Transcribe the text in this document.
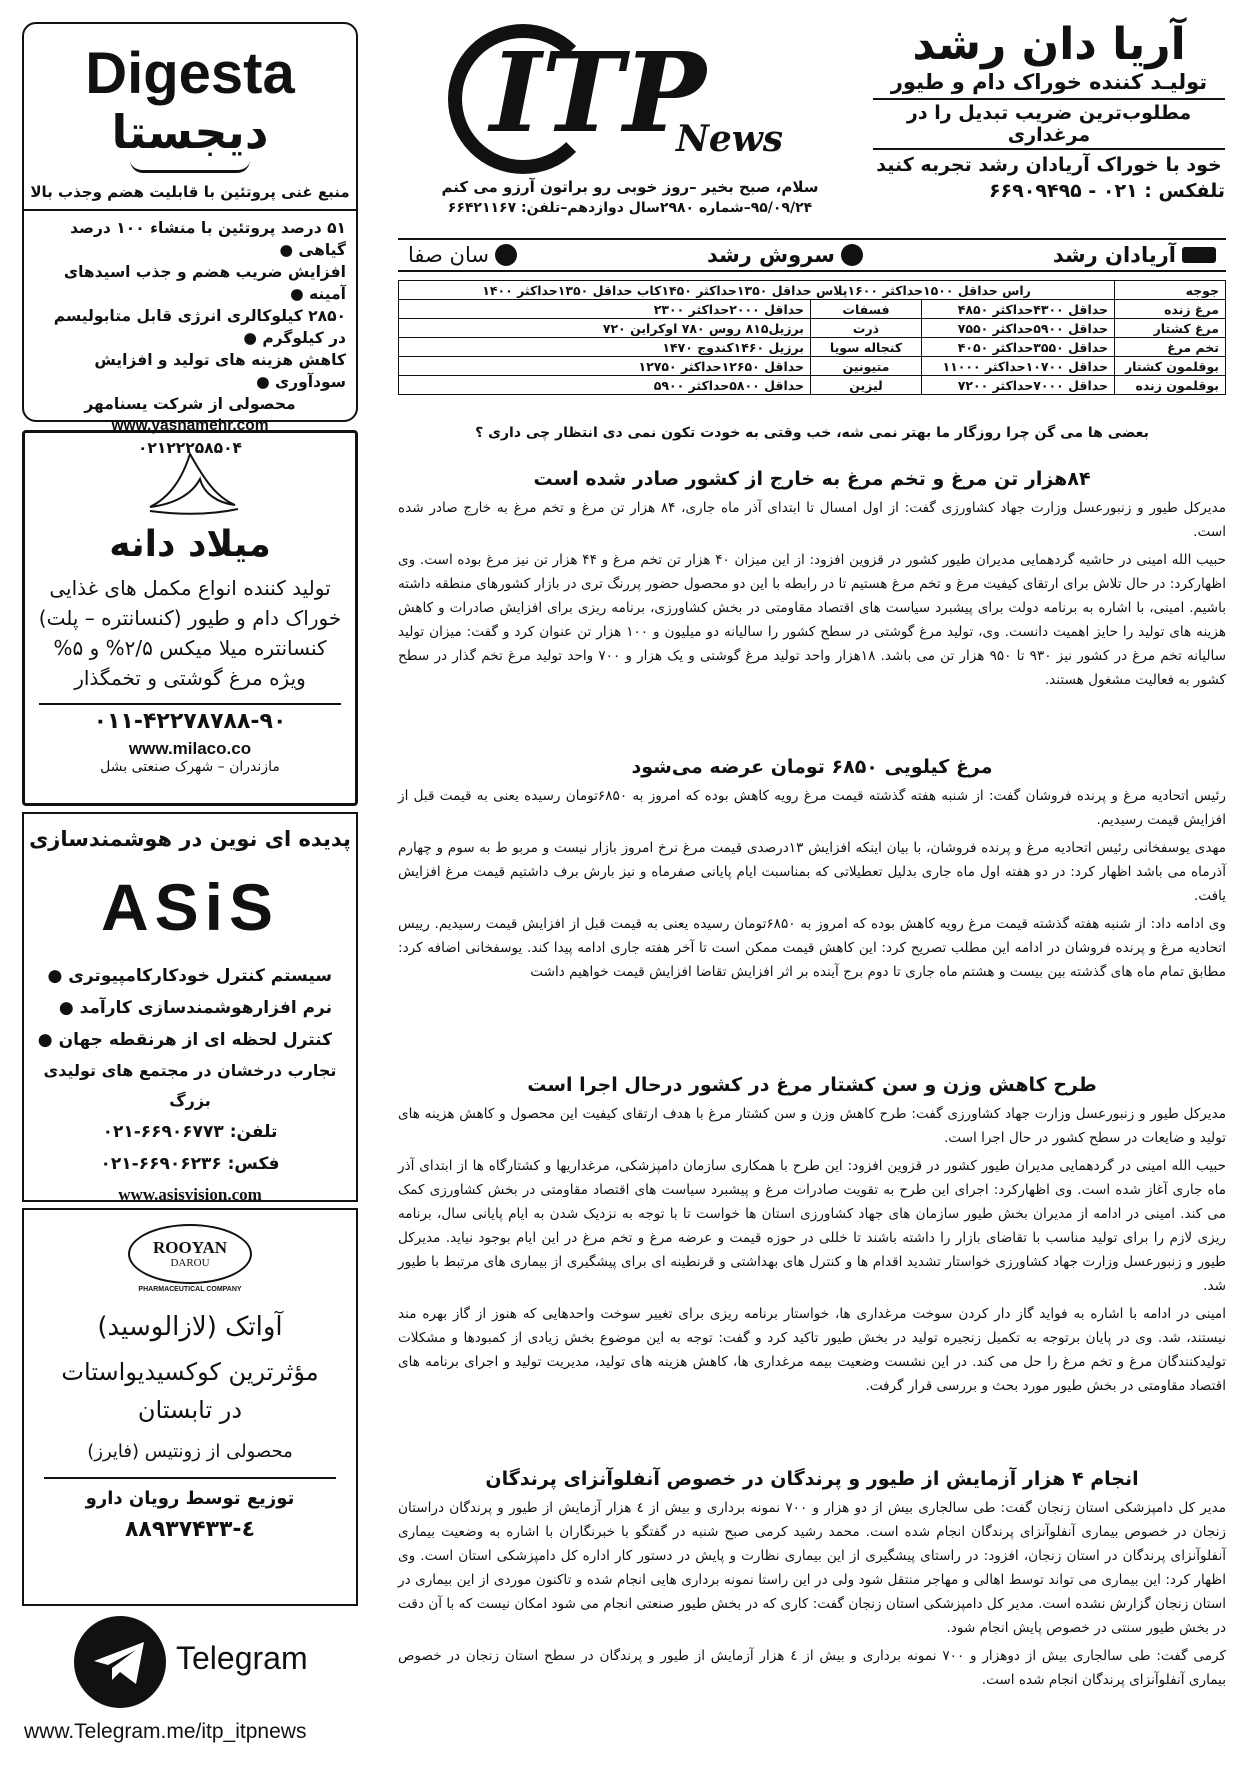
آریا دان رشد
تولیـد کننده خوراک دام و طیور
مطلوب‌ترین ضریب تبدیل را در مرغداری
خود با خوراک آریادان رشد تجربه کنید
تلفکس : ۰۲۱ - ۶۶۹۰۹۴۹۵
ITP
News
سلام، صبح بخیر –روز خوبی رو براتون آرزو می کنم
۹۵/۰۹/۲۴–شماره ۲۹۸۰سال دوازدهم–تلفن: ۶۶۴۲۱۱۶۷
آریادان رشد
سروش رشد
سان صفا
جوجه	راس حداقل ۱۵۰۰حداکثر ۱۶۰۰پلاس حداقل ۱۳۵۰حداکثر ۱۴۵۰کاب حداقل ۱۳۵۰حداکثر ۱۴۰۰		
مرغ زنده	حداقل ۴۳۰۰حداکثر ۴۸۵۰	فسفات	حداقل ۲۰۰۰حداکثر ۲۳۰۰
مرغ کشتار	حداقل ۵۹۰۰حداکثر ۷۵۵۰	ذرت	برزیل۸۱۵ روس ۷۸۰ اوکراین ۷۲۰
تخم مرغ	حداقل ۳۵۵۰حداکثر ۴۰۵۰	کنجاله سویا	برزیل ۱۴۶۰کندوج ۱۴۷۰
بوقلمون کشتار	حداقل ۱۰۷۰۰حداکثر ۱۱۰۰۰	متیونین	حداقل ۱۲۶۵۰حداکثر ۱۲۷۵۰
بوقلمون زنده	حداقل ۷۰۰۰حداکثر ۷۲۰۰	لیزین	حداقل ۵۸۰۰حداکثر ۵۹۰۰
بعضی ها می گن چرا روزگار ما بهتر نمی شه، خب وقتی به خودت تکون نمی دی انتظار چی داری ؟
۸۴هزار تن مرغ و تخم مرغ به خارج از کشور صادر شده است

مدیرکل طیور و زنبورعسل وزارت جهاد کشاورزی گفت: از اول امسال تا ابتدای آذر ماه جاری، ۸۴ هزار تن مرغ و تخم مرغ به خارج صادر شده است.

حبیب الله امینی در حاشیه گردهمایی مدیران طیور کشور در قزوین افزود: از این میزان ۴۰ هزار تن تخم مرغ و ۴۴ هزار تن نیز مرغ بوده است. وی اظهارکرد: در حال تلاش برای ارتقای کیفیت مرغ و تخم مرغ هستیم تا در رابطه با این دو محصول حضور پررنگ تری در بازار کشورهای منطقه داشته باشیم. امینی، با اشاره به برنامه دولت برای پیشبرد سیاست های اقتصاد مقاومتی در بخش کشاورزی، برنامه ریزی برای افزایش صادرات و کاهش هزینه های تولید را حایز اهمیت دانست. وی، تولید مرغ گوشتی در سطح کشور را سالیانه دو میلیون و ۱۰۰ هزار تن عنوان کرد و گفت: میزان تولید سالیانه تخم مرغ در کشور نیز ۹۳۰ تا ۹۵۰ هزار تن می باشد. ۱۸هزار واحد تولید مرغ گوشتی و یک هزار و ۷۰۰ واحد تولید مرغ تخم گذار در سطح کشور به فعالیت مشغول هستند.

مرغ کیلویی ۶۸۵۰ تومان عرضه می‌شود

رئیس اتحادیه مرغ و پرنده فروشان گفت: از شنبه هفته گذشته قیمت مرغ رویه کاهش بوده که امروز به ۶۸۵۰تومان رسیده یعنی به قیمت قبل از افزایش قیمت رسیدیم.

مهدی یوسفخانی رئیس اتحادیه مرغ و پرنده فروشان، با بیان اینکه افزایش ۱۳درصدی قیمت مرغ نرخ امروز بازار نیست و مربو ط به سوم و چهارم آذرماه می باشد اظهار کرد: در دو هفته اول ماه جاری بدلیل تعطیلاتی که بمناسبت ایام پایانی صفرماه و نیز بارش برف داشتیم قیمت مرغ افزایش یافت.

وی ادامه داد: از شنبه هفته گذشته قیمت مرغ رویه کاهش بوده که امروز به ۶۸۵۰تومان رسیده یعنی به قیمت قبل از افزایش قیمت رسیدیم. رییس اتحادیه مرغ و پرنده فروشان در ادامه این مطلب تصریح کرد: این کاهش قیمت ممکن است تا آخر هفته جاری ادامه پیدا کند. یوسفخانی اضافه کرد: مطابق تمام ماه های گذشته بین بیست و هشتم ماه جاری تا دوم برج آینده بر اثر افزایش تقاضا افزایش قیمت خواهیم داشت

طرح کاهش وزن و سن کشتار مرغ در کشور درحال اجرا است

مدیرکل طیور و زنبورعسل وزارت جهاد کشاورزی گفت: طرح کاهش وزن و سن کشتار مرغ با هدف ارتقای کیفیت این محصول و کاهش هزینه های تولید و ضایعات در سطح کشور در حال اجرا است.

حبیب الله امینی در گردهمایی مدیران طیور کشور در قزوین افزود: این طرح با همکاری سازمان دامپزشکی، مرغداریها و کشتارگاه ها از ابتدای آذر ماه جاری آغاز شده است. وی اظهارکرد: اجرای این طرح به تقویت صادرات مرغ و پیشبرد سیاست های اقتصاد مقاومتی در بخش کشاورزی کمک می کند. امینی در ادامه از مدیران بخش طیور سازمان های جهاد کشاورزی استان ها خواست تا با توجه به نزدیک شدن به ایام پایانی سال، برنامه ریزی لازم را برای تولید مناسب با تقاضای بازار را داشته باشند تا خللی در حوزه قیمت و عرضه مرغ و تخم مرغ در این ایام بوجود نیاید. مدیرکل طیور و زنبورعسل وزارت جهاد کشاورزی خواستار تشدید اقدام ها و کنترل های بهداشتی و قرنطینه ای برای پیشگیری از بیماری های مرتبط با طیور شد.

امینی در ادامه با اشاره به فواید گاز دار کردن سوخت مرغداری ها، خواستار برنامه ریزی برای تغییر سوخت واحدهایی که هنوز از گاز بهره مند نیستند، شد. وی در پایان برتوجه به تکمیل زنجیره تولید در بخش طیور تاکید کرد و گفت: توجه به این موضوع بخش زیادی از کمبودها و مشکلات تولیدکنندگان مرغ و تخم مرغ را حل می کند. در این نشست وضعیت بیمه مرغداری ها، کاهش هزینه های تولید، مدیریت تولید و اجرای برنامه های اقتصاد مقاومتی در بخش طیور مورد بحث و بررسی قرار گرفت.

انجام ۴ هزار آزمایش از طیور و پرندگان در خصوص آنفلوآنزای پرندگان

مدیر کل دامپزشکی استان زنجان گفت: طی سالجاری بیش از دو هزار و ۷۰۰ نمونه برداری و بیش از ٤ هزار آزمایش از طیور و پرندگان دراستان زنجان در خصوص بیماری آنفلوآنزای پرندگان انجام شده است. محمد رشید کرمی صبح شنبه در گفتگو با خبرنگاران با اشاره به وضعیت بیماری آنفلوآنزای پرندگان در استان زنجان، افزود: در راستای پیشگیری از این بیماری نظارت و پایش در دستور کار اداره کل دامپزشکی استان است. وی اظهار کرد: این بیماری می تواند توسط اهالی و مهاجر منتقل شود ولی در این راستا نمونه برداری هایی انجام شده و تاکنون موردی از این بیماری در استان زنجان گزارش نشده است. مدیر کل دامپزشکی استان زنجان گفت: کاری که در بخش طیور صنعتی انجام می شود امکان نیست که با آن دقت در بخش طیور سنتی در خصوص پایش انجام شود.

کرمی گفت: طی سالجاری بیش از دوهزار و ۷۰۰ نمونه برداری و بیش از ٤ هزار آزمایش از طیور و پرندگان در سطح استان زنجان در خصوص بیماری آنفلوآنزای پرندگان انجام شده است.

Digesta
دیجستا
منبع غنی پروتئین با قابلیت هضم وجذب بالا
۵۱ درصد پروتئین با منشاء ۱۰۰ درصد گیاهی ●
افزایش ضریب هضم و جذب اسیدهای آمینه ●
۲۸۵۰ کیلوکالری انرژی قابل متابولیسم در کیلوگرم ●
کاهش هزینه های تولید و افزایش سودآوری ●
محصولی از شرکت یسنامهر
www.yasnamehr.com
۰۲۱۲۲۲۵۸۵۰۴
میلاد دانه
تولید کننده انواع مکمل های غذایی
خوراک دام و طیور (کنسانتره – پلت)
کنسانتره میلا میکس ۲/۵% و ۵%
ویژه مرغ گوشتی و تخمگذار
۰۱۱-۴۲۲۷۸۷۸۸-۹۰
www.milaco.co
مازندران – شهرک صنعتی بشل
پدیده ای نوین در هوشمندسازی
ASiS
سیستم کنترل خودکارکامپیوتری ●
نرم افزارهوشمندسازی کارآمد ●
کنترل لحظه ای از هرنقطه جهان ●
تجارب درخشان در مجتمع های تولیدی بزرگ
تلفن: ۶۶۹۰۶۷۷۳-۰۲۱
فکس: ۶۶۹۰۶۲۳۶-۰۲۱
www.asisvision.com
ROOYAN
DAROU
PHARMACEUTICAL COMPANY
آواتک (لازالوسید)
مؤثرترین کوکسیدیواستات
در تابستان
محصولی از زونتیس (فایرز)
توزیع توسط رویان دارو
۸۸۹۳۷۴۳۳-٤
Telegram
www.Telegram.me/itp_itpnews
